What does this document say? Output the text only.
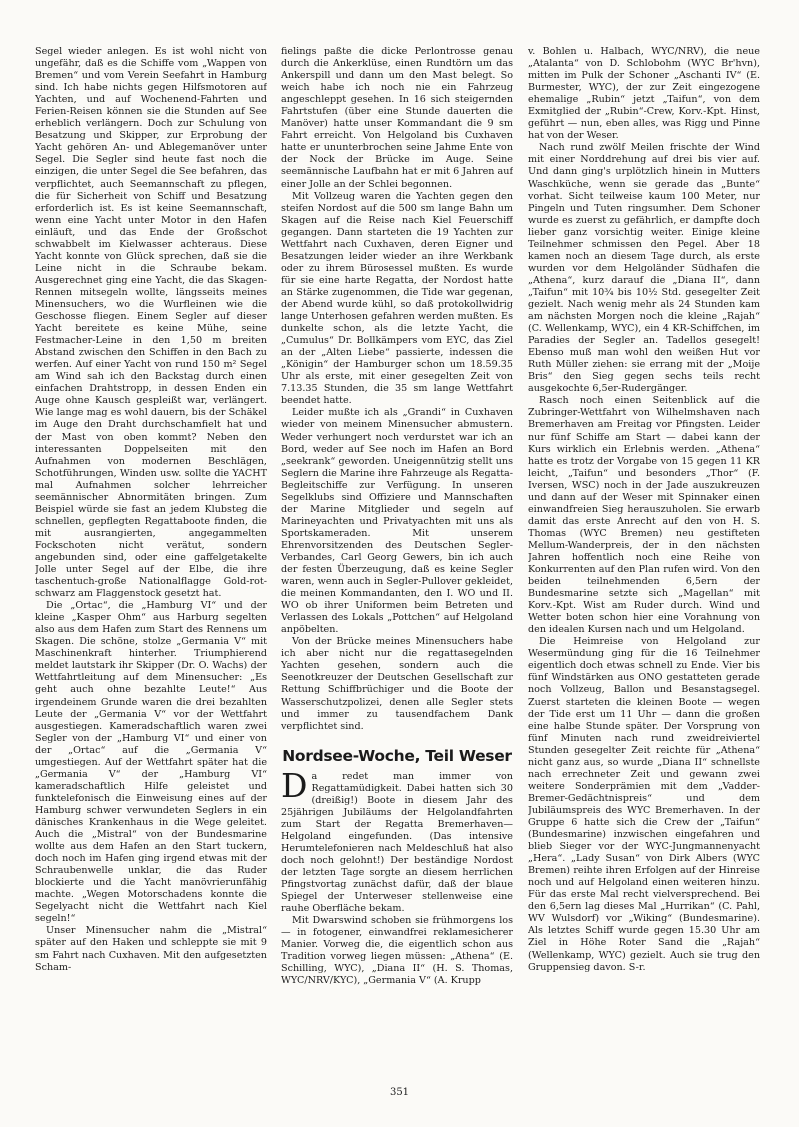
Segel wieder anlegen. Es ist wohl nicht von ungefähr, daß es die Schiffe vom „Wappen von Bremen“ und vom Verein Seefahrt in Hamburg sind. Ich habe nichts gegen Hilfsmotoren auf Yachten, und auf Wochenend-Fahrten und Ferien-Reisen können sie die Stunden auf See erheblich verlängern. Doch zur Schulung von Besatzung und Skipper, zur Erprobung der Yacht gehören An- und Ablegemanöver unter Segel. Die Segler sind heute fast noch die einzigen, die unter Segel die See befahren, das verpflichtet, auch Seemannschaft zu pflegen, die für Sicherheit von Schiff und Besatzung erforderlich ist. Es ist keine Seemannschaft, wenn eine Yacht unter Motor in den Hafen einläuft, und das Ende der Großschot schwabbelt im Kielwasser achteraus. Diese Yacht konnte von Glück sprechen, daß sie die Leine nicht in die Schraube bekam. Ausgerechnet ging eine Yacht, die das Skagen-Rennen mitsegeln wollte, längsseits meines Minensuchers, wo die Wurfleinen wie die Geschosse fliegen. Einem Segler auf dieser Yacht bereitete es keine Mühe, seine Festmacher-Leine in den 1,50 m breiten Abstand zwischen den Schiffen in den Bach zu werfen. Auf einer Yacht von rund 150 m² Segel am Wind sah ich den Backstag durch einen einfachen Drahtstropp, in dessen Enden ein Auge ohne Kausch gespleißt war, verlängert. Wie lange mag es wohl dauern, bis der Schäkel im Auge den Draht durchschamfielt hat und der Mast von oben kommt? Neben den interessanten Doppelseiten mit den Aufnahmen von modernen Beschlägen, Schotführungen, Winden usw. sollte die YACHT mal Aufnahmen solcher lehrreicher seemännischer Abnormitäten bringen. Zum Beispiel würde sie fast an jedem Klubsteg die schnellen, gepflegten Regattaboote finden, die mit ausrangierten, angegammelten Fockschoten nicht verätut, sondern angebunden sind, oder eine gaffelgetakelte Jolle unter Segel auf der Elbe, die ihre taschentuch-große Nationalflagge Gold-rot-schwarz am Flaggenstock gesetzt hat.

Die „Ortac“, die „Hamburg VI“ und der kleine „Kasper Ohm“ aus Harburg segelten also aus dem Hafen zum Start des Rennens um Skagen. Die schöne, stolze „Germania V“ mit Maschinenkraft hinterher. Triumphierend meldet lautstark ihr Skipper (Dr. O. Wachs) der Wettfahrtleitung auf dem Minensucher: „Es geht auch ohne bezahlte Leute!“ Aus irgendeinem Grunde waren die drei bezahlten Leute der „Germania V“ vor der Wettfahrt ausgestiegen. Kameradschaftlich waren zwei Segler von der „Hamburg VI“ und einer von der „Ortac“ auf die „Germania V“ umgestiegen. Auf der Wettfahrt später hat die „Germania V“ der „Hamburg VI“ kameradschaftlich Hilfe geleistet und funktelefonisch die Einweisung eines auf der Hamburg schwer verwundeten Seglers in ein dänisches Krankenhaus in die Wege geleitet. Auch die „Mistral“ von der Bundesmarine wollte aus dem Hafen an den Start tuckern, doch noch im Hafen ging irgend etwas mit der Schraubenwelle unklar, die das Ruder blockierte und die Yacht manövrierunfähig machte. „Wegen Motorschadens konnte die Segelyacht nicht die Wettfahrt nach Kiel segeln!“

Unser Minensucher nahm die „Mistral“ später auf den Haken und schleppte sie mit 9 sm Fahrt nach Cuxhaven. Mit den aufgesetzten Scham-

fielings paßte die dicke Perlontrosse genau durch die Ankerklüse, einen Rundtörn um das Ankerspill und dann um den Mast belegt. So weich habe ich noch nie ein Fahrzeug angeschleppt gesehen. In 16 sich steigernden Fahrtstufen (über eine Stunde dauerten die Manöver) hatte unser Kommandant die 9 sm Fahrt erreicht. Von Helgoland bis Cuxhaven hatte er ununterbrochen seine Jahme Ente von der Nock der Brücke im Auge. Seine seemännische Laufbahn hat er mit 6 Jahren auf einer Jolle an der Schlei begonnen.

Mit Vollzeug waren die Yachten gegen den steifen Nordost auf die 500 sm lange Bahn um Skagen auf die Reise nach Kiel Feuerschiff gegangen. Dann starteten die 19 Yachten zur Wettfahrt nach Cuxhaven, deren Eigner und Besatzungen leider wieder an ihre Werkbank oder zu ihrem Bürosessel mußten. Es wurde für sie eine harte Regatta, der Nordost hatte an Stärke zugenommen, die Tide war gegenan, der Abend wurde kühl, so daß protokollwidrig lange Unterhosen gefahren werden mußten. Es dunkelte schon, als die letzte Yacht, die „Cumulus“ Dr. Bollkämpers vom EYC, das Ziel an der „Alten Liebe“ passierte, indessen die „Königin“ der Hamburger schon um 18.59.35 Uhr als erste, mit einer gesegelten Zeit von 7.13.35 Stunden, die 35 sm lange Wettfahrt beendet hatte.

Leider mußte ich als „Grandi“ in Cuxhaven wieder von meinem Minensucher abmustern. Weder verhungert noch verdurstet war ich an Bord, weder auf See noch im Hafen an Bord „seekrank“ geworden. Uneigennützig stellt uns Seglern die Marine ihre Fahrzeuge als Regatta-Begleitschiffe zur Verfügung. In unseren Segelklubs sind Offiziere und Mannschaften der Marine Mitglieder und segeln auf Marineyachten und Privatyachten mit uns als Sportskameraden. Mit unserem Ehrenvorsitzenden des Deutschen Segler-Verbandes, Carl Georg Gewers, bin ich auch der festen Überzeugung, daß es keine Segler waren, wenn auch in Segler-Pullover gekleidet, die meinen Kommandanten, den I. WO und II. WO ob ihrer Uniformen beim Betreten und Verlassen des Lokals „Pottchen“ auf Helgoland anpöbelten.

Von der Brücke meines Minensuchers habe ich aber nicht nur die regattasegelnden Yachten gesehen, sondern auch die Seenotkreuzer der Deutschen Gesellschaft zur Rettung Schiffbrüchiger und die Boote der Wasserschutzpolizei, denen alle Segler stets und immer zu tausendfachem Dank verpflichtet sind.

Nordsee-Woche, Teil Weser

Da redet man immer von Regattamüdigkeit. Dabei hatten sich 30 (dreißig!) Boote in diesem Jahr des 25jährigen Jubiläums der Helgolandfahrten zum Start der Regatta Bremerhaven—Helgoland eingefunden. (Das intensive Herumtelefonieren nach Meldeschluß hat also doch noch gelohnt!) Der beständige Nordost der letzten Tage sorgte an diesem herrlichen Pfingstvortag zunächst dafür, daß der blaue Spiegel der Unterweser stellenweise eine rauhe Oberfläche bekam.

Mit Dwarswind schoben sie frühmorgens los — in fotogener, einwandfrei reklamesicherer Manier. Vorweg die, die eigentlich schon aus Tradition vorweg liegen müssen: „Athena“ (E. Schilling, WYC), „Diana II“ (H. S. Thomas, WYC/NRV/KYC), „Germania V“ (A. Krupp

v. Bohlen u. Halbach, WYC/NRV), die neue „Atalanta“ von D. Schlobohm (WYC Br'hvn), mitten im Pulk der Schoner „Aschanti IV“ (E. Burmester, WYC), der zur Zeit eingezogene ehemalige „Rubin“ jetzt „Taifun“, von dem Exmitglied der „Rubin“-Crew, Korv.-Kpt. Hinst, geführt — nun, eben alles, was Rigg und Pinne hat von der Weser.

Nach rund zwölf Meilen frischte der Wind mit einer Norddrehung auf drei bis vier auf. Und dann ging's urplötzlich hinein in Mutters Waschküche, wenn sie gerade das „Bunte“ vorhat. Sicht teilweise kaum 100 Meter, nur Pingeln und Tuten ringsumher. Dem Schoner wurde es zuerst zu gefährlich, er dampfte doch lieber ganz vorsichtig weiter. Einige kleine Teilnehmer schmissen den Pegel. Aber 18 kamen noch an diesem Tage durch, als erste wurden vor dem Helgoländer Südhafen die „Athena“, kurz darauf die „Diana II“, dann „Taifun“ mit 10¾ bis 10½ Std. gesegelter Zeit gezielt. Nach wenig mehr als 24 Stunden kam am nächsten Morgen noch die kleine „Rajah“ (C. Wellenkamp, WYC), ein 4 KR-Schiffchen, im Paradies der Segler an. Tadellos gesegelt! Ebenso muß man wohl den weißen Hut vor Ruth Müller ziehen: sie errang mit der „Moije Bris“ den Sieg gegen sechs teils recht ausgekochte 6,5er-Rudergänger.

Rasch noch einen Seitenblick auf die Zubringer-Wettfahrt von Wilhelmshaven nach Bremerhaven am Freitag vor Pfingsten. Leider nur fünf Schiffe am Start — dabei kann der Kurs wirklich ein Erlebnis werden. „Athena“ hatte es trotz der Vorgabe von 15 gegen 11 KR leicht, „Taifun“ und besonders „Thor“ (F. Iversen, WSC) noch in der Jade auszukreuzen und dann auf der Weser mit Spinnaker einen einwandfreien Sieg herauszuholen. Sie erwarb damit das erste Anrecht auf den von H. S. Thomas (WYC Bremen) neu gestifteten Mellum-Wanderpreis, der in den nächsten Jahren hoffentlich noch eine Reihe von Konkurrenten auf den Plan rufen wird. Von den beiden teilnehmenden 6,5ern der Bundesmarine setzte sich „Magellan“ mit Korv.-Kpt. Wist am Ruder durch. Wind und Wetter boten schon hier eine Vorahnung von den idealen Kursen nach und um Helgoland.

Die Heimreise von Helgoland zur Wesermündung ging für die 16 Teilnehmer eigentlich doch etwas schnell zu Ende. Vier bis fünf Windstärken aus ONO gestatteten gerade noch Vollzeug, Ballon und Besanstagsegel. Zuerst starteten die kleinen Boote — wegen der Tide erst um 11 Uhr — dann die großen eine halbe Stunde später. Der Vorsprung von fünf Minuten nach rund zweidreiviertel Stunden gesegelter Zeit reichte für „Athena“ nicht ganz aus, so wurde „Diana II“ schnellste nach errechneter Zeit und gewann zwei weitere Sonderprämien mit dem „Vadder-Bremer-Gedächtnispreis“ und dem Jubiläumspreis des WYC Bremerhaven. In der Gruppe 6 hatte sich die Crew der „Taifun“ (Bundesmarine) inzwischen eingefahren und blieb Sieger vor der WYC-Jungmannenyacht „Hera“. „Lady Susan“ von Dirk Albers (WYC Bremen) reihte ihren Erfolgen auf der Hinreise noch und auf Helgoland einen weiteren hinzu. Für das erste Mal recht vielversprechend. Bei den 6,5ern lag dieses Mal „Hurrikan“ (C. Pahl, WV Wulsdorf) vor „Wiking“ (Bundesmarine). Als letztes Schiff wurde gegen 15.30 Uhr am Ziel in Höhe Roter Sand die „Rajah“ (Wellenkamp, WYC) gezielt. Auch sie trug den Gruppensieg davon. S-r.

351
